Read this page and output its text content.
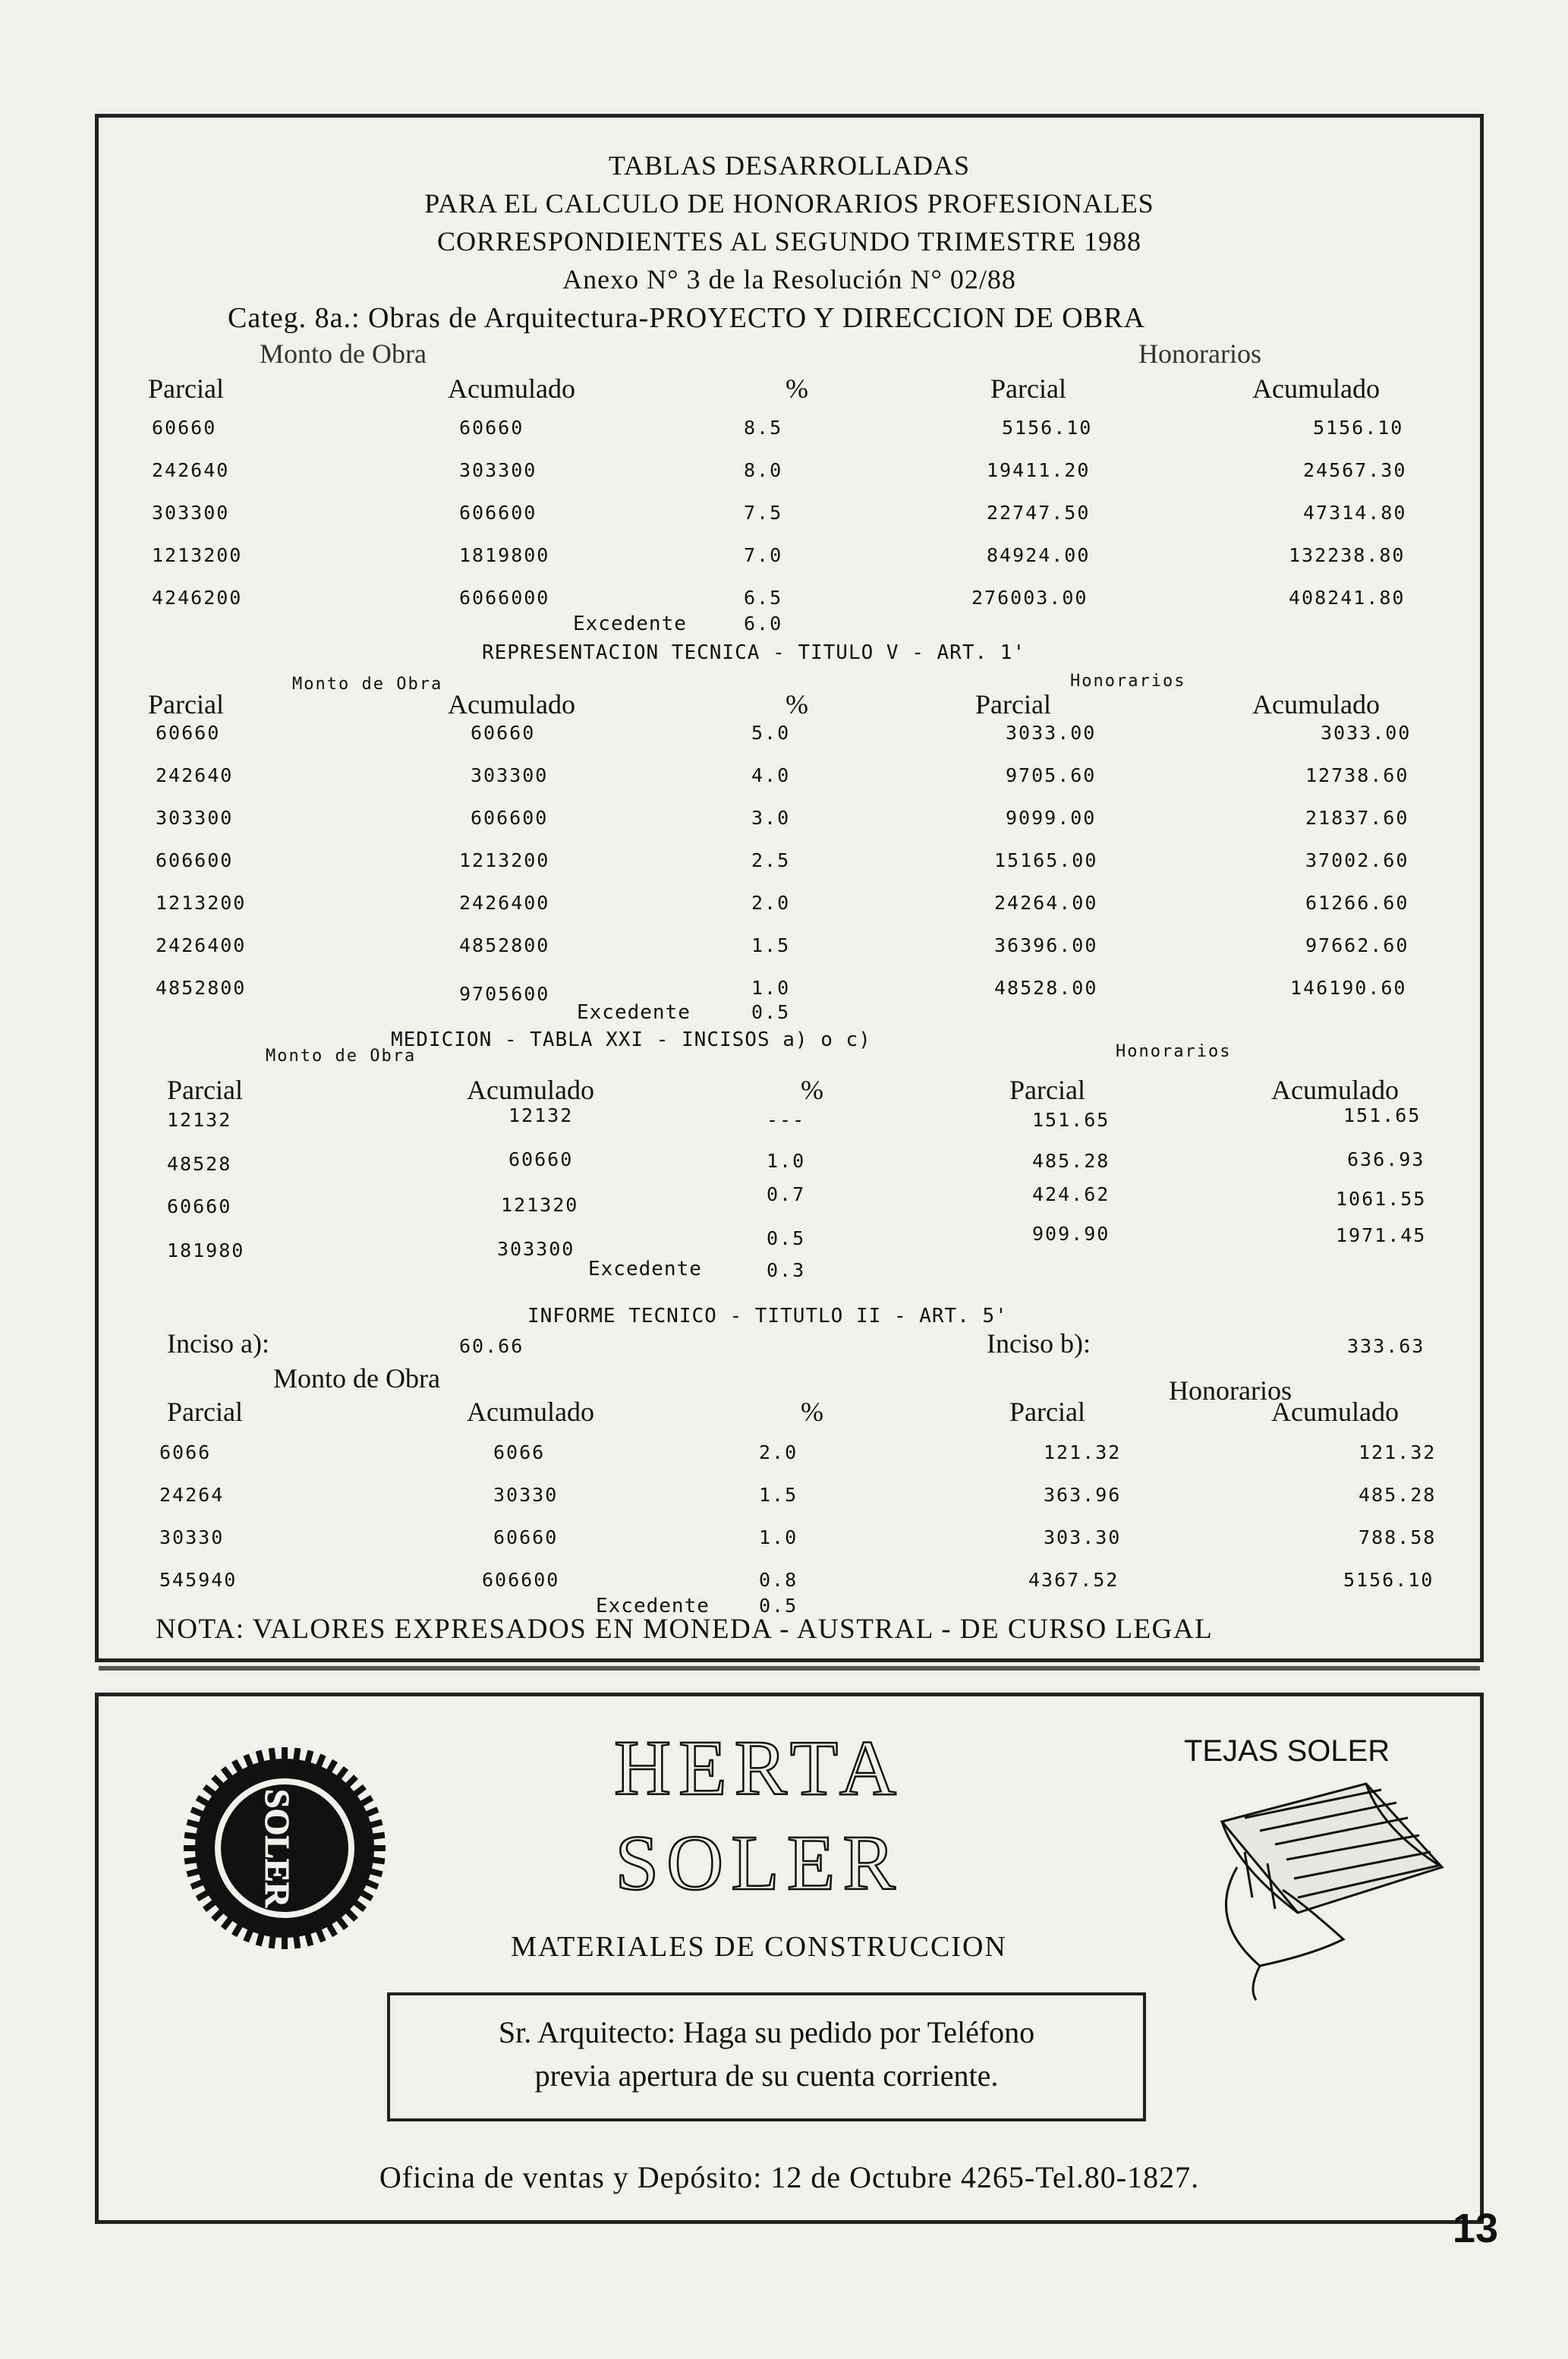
TABLAS DESARROLLADAS
PARA EL CALCULO DE HONORARIOS PROFESIONALES
CORRESPONDIENTES AL SEGUNDO TRIMESTRE 1988
Anexo N° 3 de la Resolución N° 02/88
Categ. 8a.: Obras de Arquitectura-PROYECTO Y DIRECCION DE OBRA
Monto de Obra	Honorarios
Parcial	Acumulado	%	Parcial	Acumulado
60660	60660	8.5	5156.10	5156.10
242640	303300	8.0	19411.20	24567.30
303300	606600	7.5	22747.50	47314.80
1213200	1819800	7.0	84924.00	132238.80
4246200	6066000	6.5	276003.00	408241.80
Excedente	6.0
REPRESENTACION TECNICA - TITULO V - ART. 1'
Monto de Obra	Honorarios
Parcial	Acumulado	%	Parcial	Acumulado
60660	60660	5.0	3033.00	3033.00
242640	303300	4.0	9705.60	12738.60
303300	606600	3.0	9099.00	21837.60
606600	1213200	2.5	15165.00	37002.60
1213200	2426400	2.0	24264.00	61266.60
2426400	4852800	1.5	36396.00	97662.60
4852800	9705600	1.0	48528.00	146190.60
Excedente	0.5
Monto de Obra
MEDICION - TABLA XXI - INCISOS a) o c)
Honorarios
Parcial	Acumulado	%	Parcial	Acumulado
12132	12132	---	151.65	151.65
48528	60660	1.0	485.28	636.93
60660	121320	0.7	424.62	1061.55
181980	303300	0.5	909.90	1971.45
Excedente	0.3
INFORME TECNICO - TITUTLO II - ART. 5'
Inciso a):	60.66	Inciso b):	333.63
Monto de Obra	Honorarios
Parcial	Acumulado	%	Parcial	Acumulado
6066	6066	2.0	121.32	121.32
24264	30330	1.5	363.96	485.28
30330	60660	1.0	303.30	788.58
545940	606600	0.8	4367.52	5156.10
Excedente	0.5
NOTA: VALORES EXPRESADOS EN MONEDA - AUSTRAL - DE CURSO LEGAL
SOLER
HERTA
SOLER
MATERIALES DE CONSTRUCCION
TEJAS SOLER
Sr. Arquitecto: Haga su pedido por Teléfono
previa apertura de su cuenta corriente.
Oficina de ventas y Depósito: 12 de Octubre 4265-Tel.80-1827.
13
